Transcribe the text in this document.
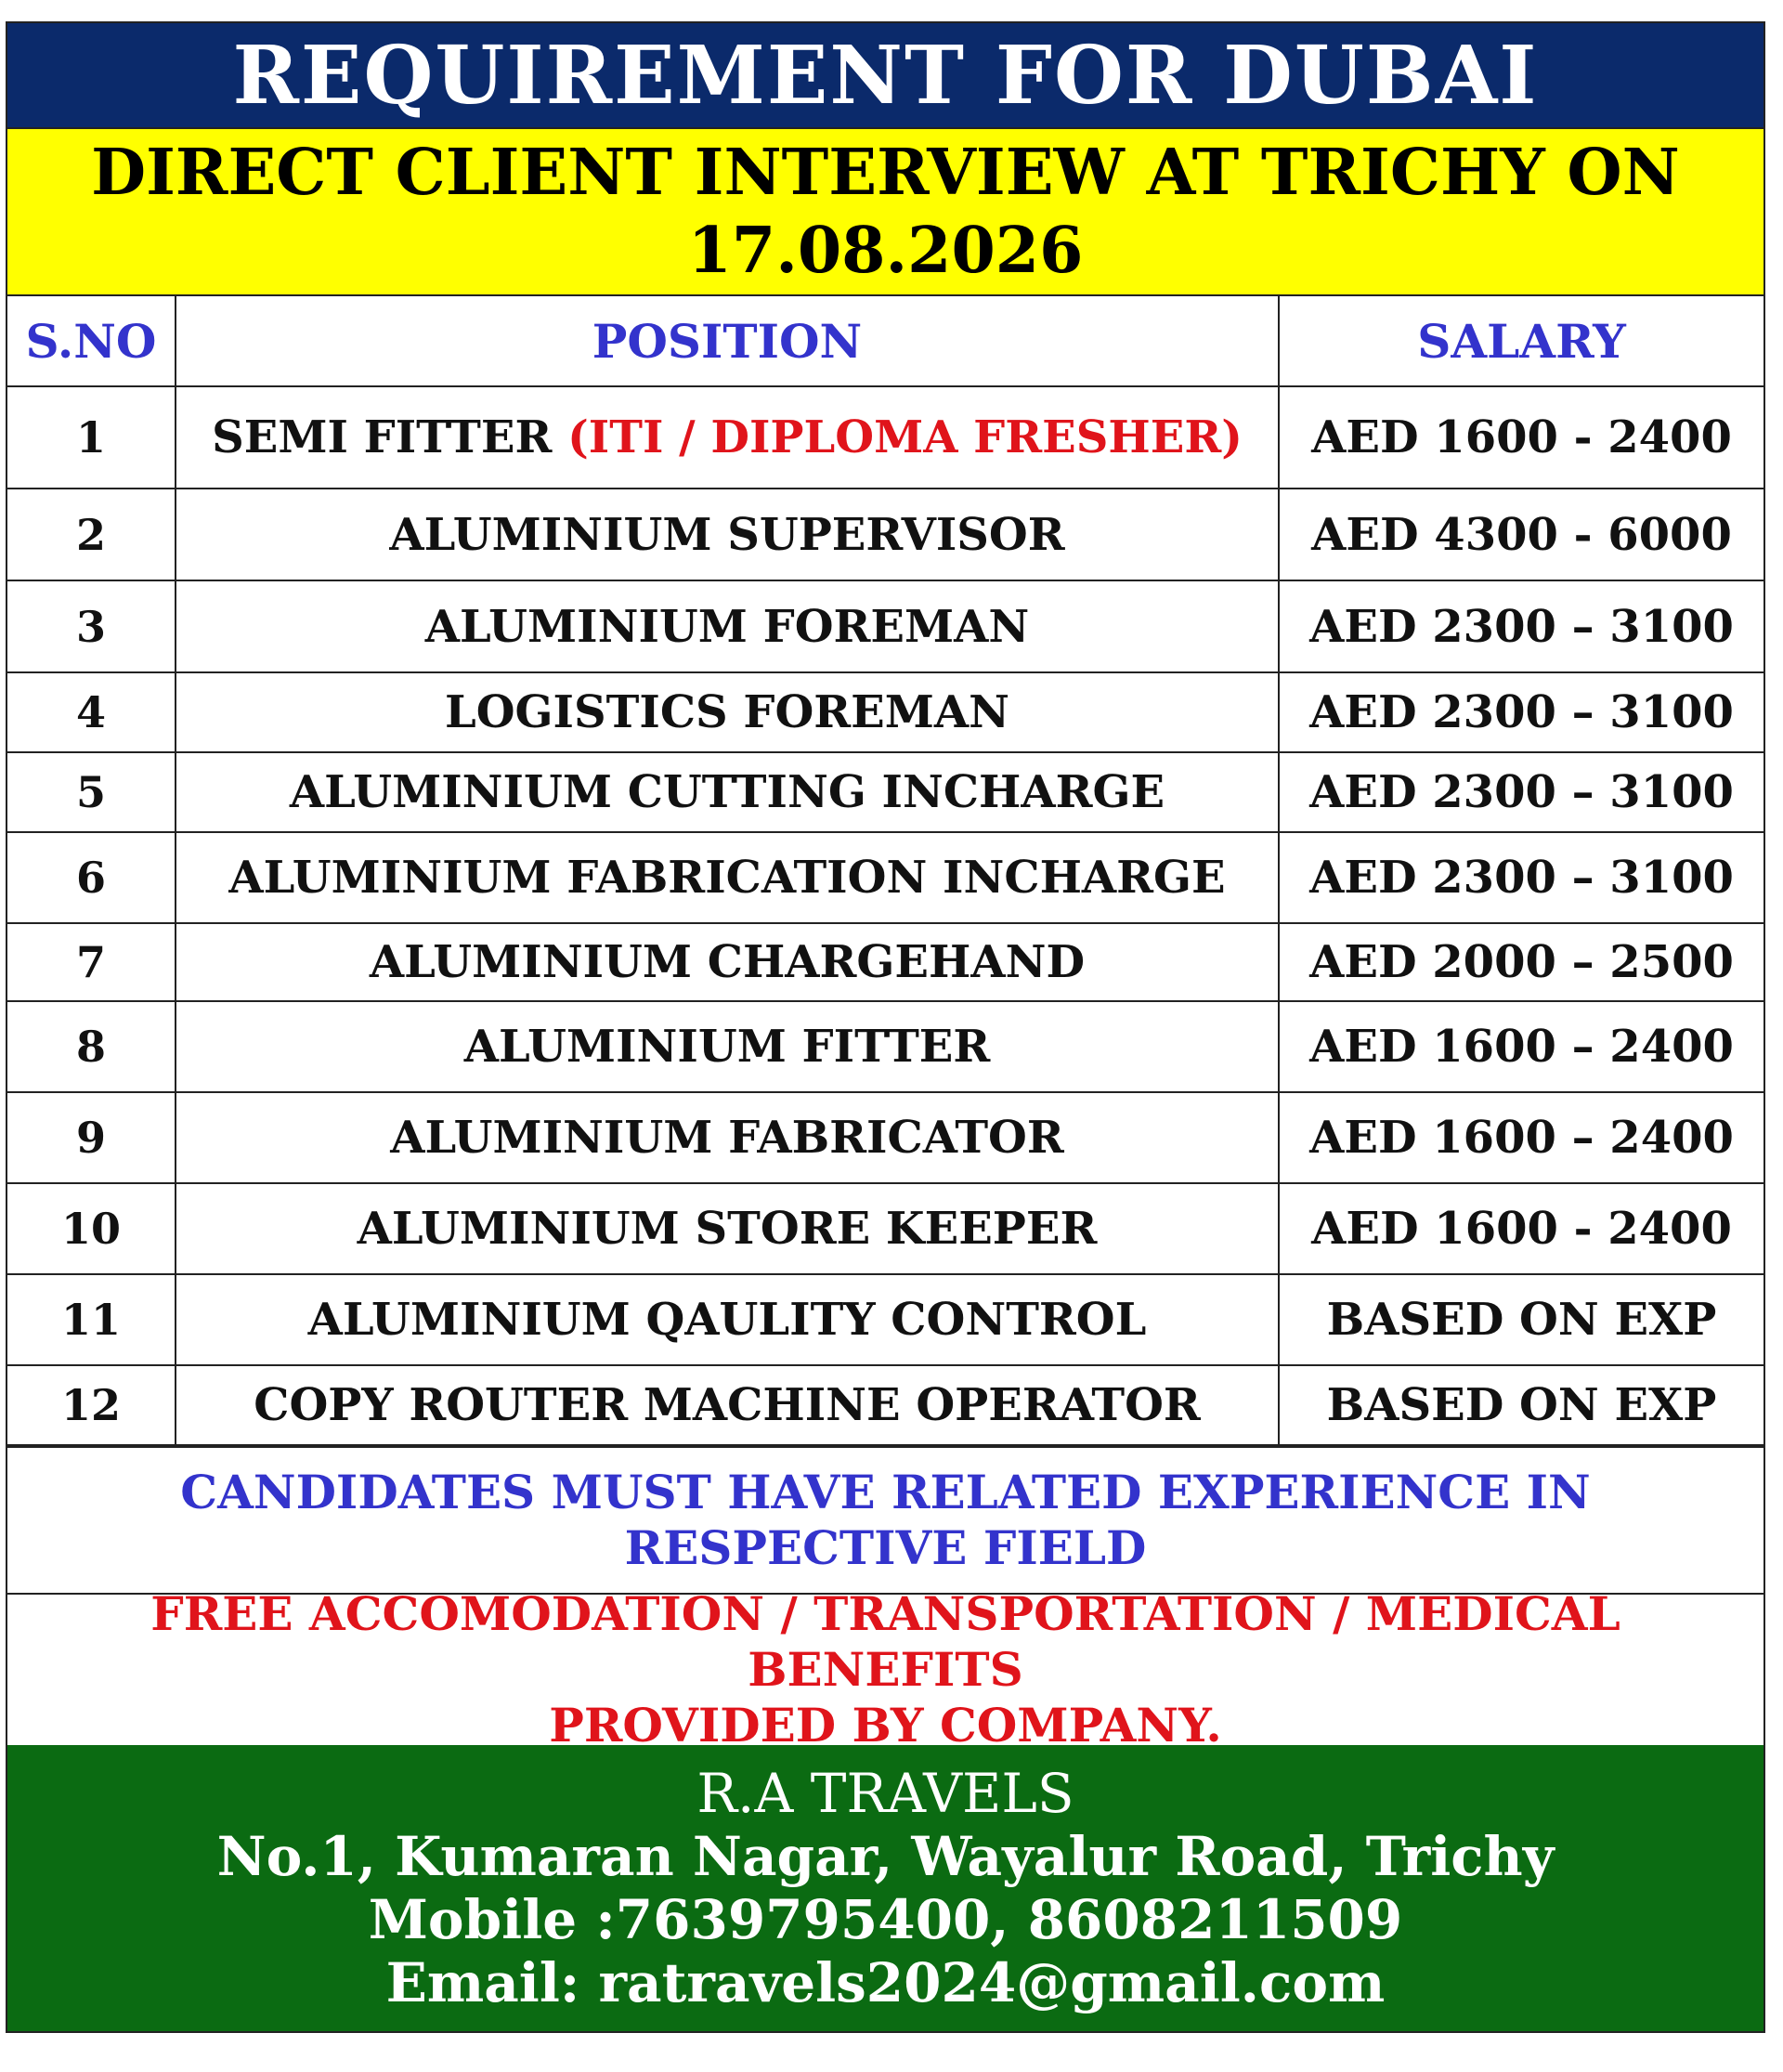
REQUIREMENT FOR DUBAI
DIRECT CLIENT INTERVIEW AT TRICHY ON
17.08.2026
S.NO	POSITION	SALARY
1	SEMI FITTER (ITI / DIPLOMA FRESHER)	AED 1600 - 2400
2	ALUMINIUM SUPERVISOR	AED 4300 - 6000
3	ALUMINIUM FOREMAN	AED 2300 – 3100
4	LOGISTICS FOREMAN	AED 2300 – 3100
5	ALUMINIUM CUTTING INCHARGE	AED 2300 – 3100
6	ALUMINIUM FABRICATION INCHARGE	AED 2300 – 3100
7	ALUMINIUM CHARGEHAND	AED 2000 – 2500
8	ALUMINIUM FITTER	AED 1600 – 2400
9	ALUMINIUM FABRICATOR	AED 1600 – 2400
10	ALUMINIUM STORE KEEPER	AED 1600 - 2400
11	ALUMINIUM QAULITY CONTROL	BASED ON EXP
12	COPY ROUTER MACHINE OPERATOR	BASED ON EXP
CANDIDATES MUST HAVE RELATED EXPERIENCE IN
RESPECTIVE FIELD
FREE ACCOMODATION / TRANSPORTATION / MEDICAL BENEFITS
PROVIDED BY COMPANY.
R.A TRAVELS
No.1, Kumaran Nagar, Wayalur Road, Trichy
Mobile :7639795400, 8608211509
Email: ratravels2024@gmail.com
